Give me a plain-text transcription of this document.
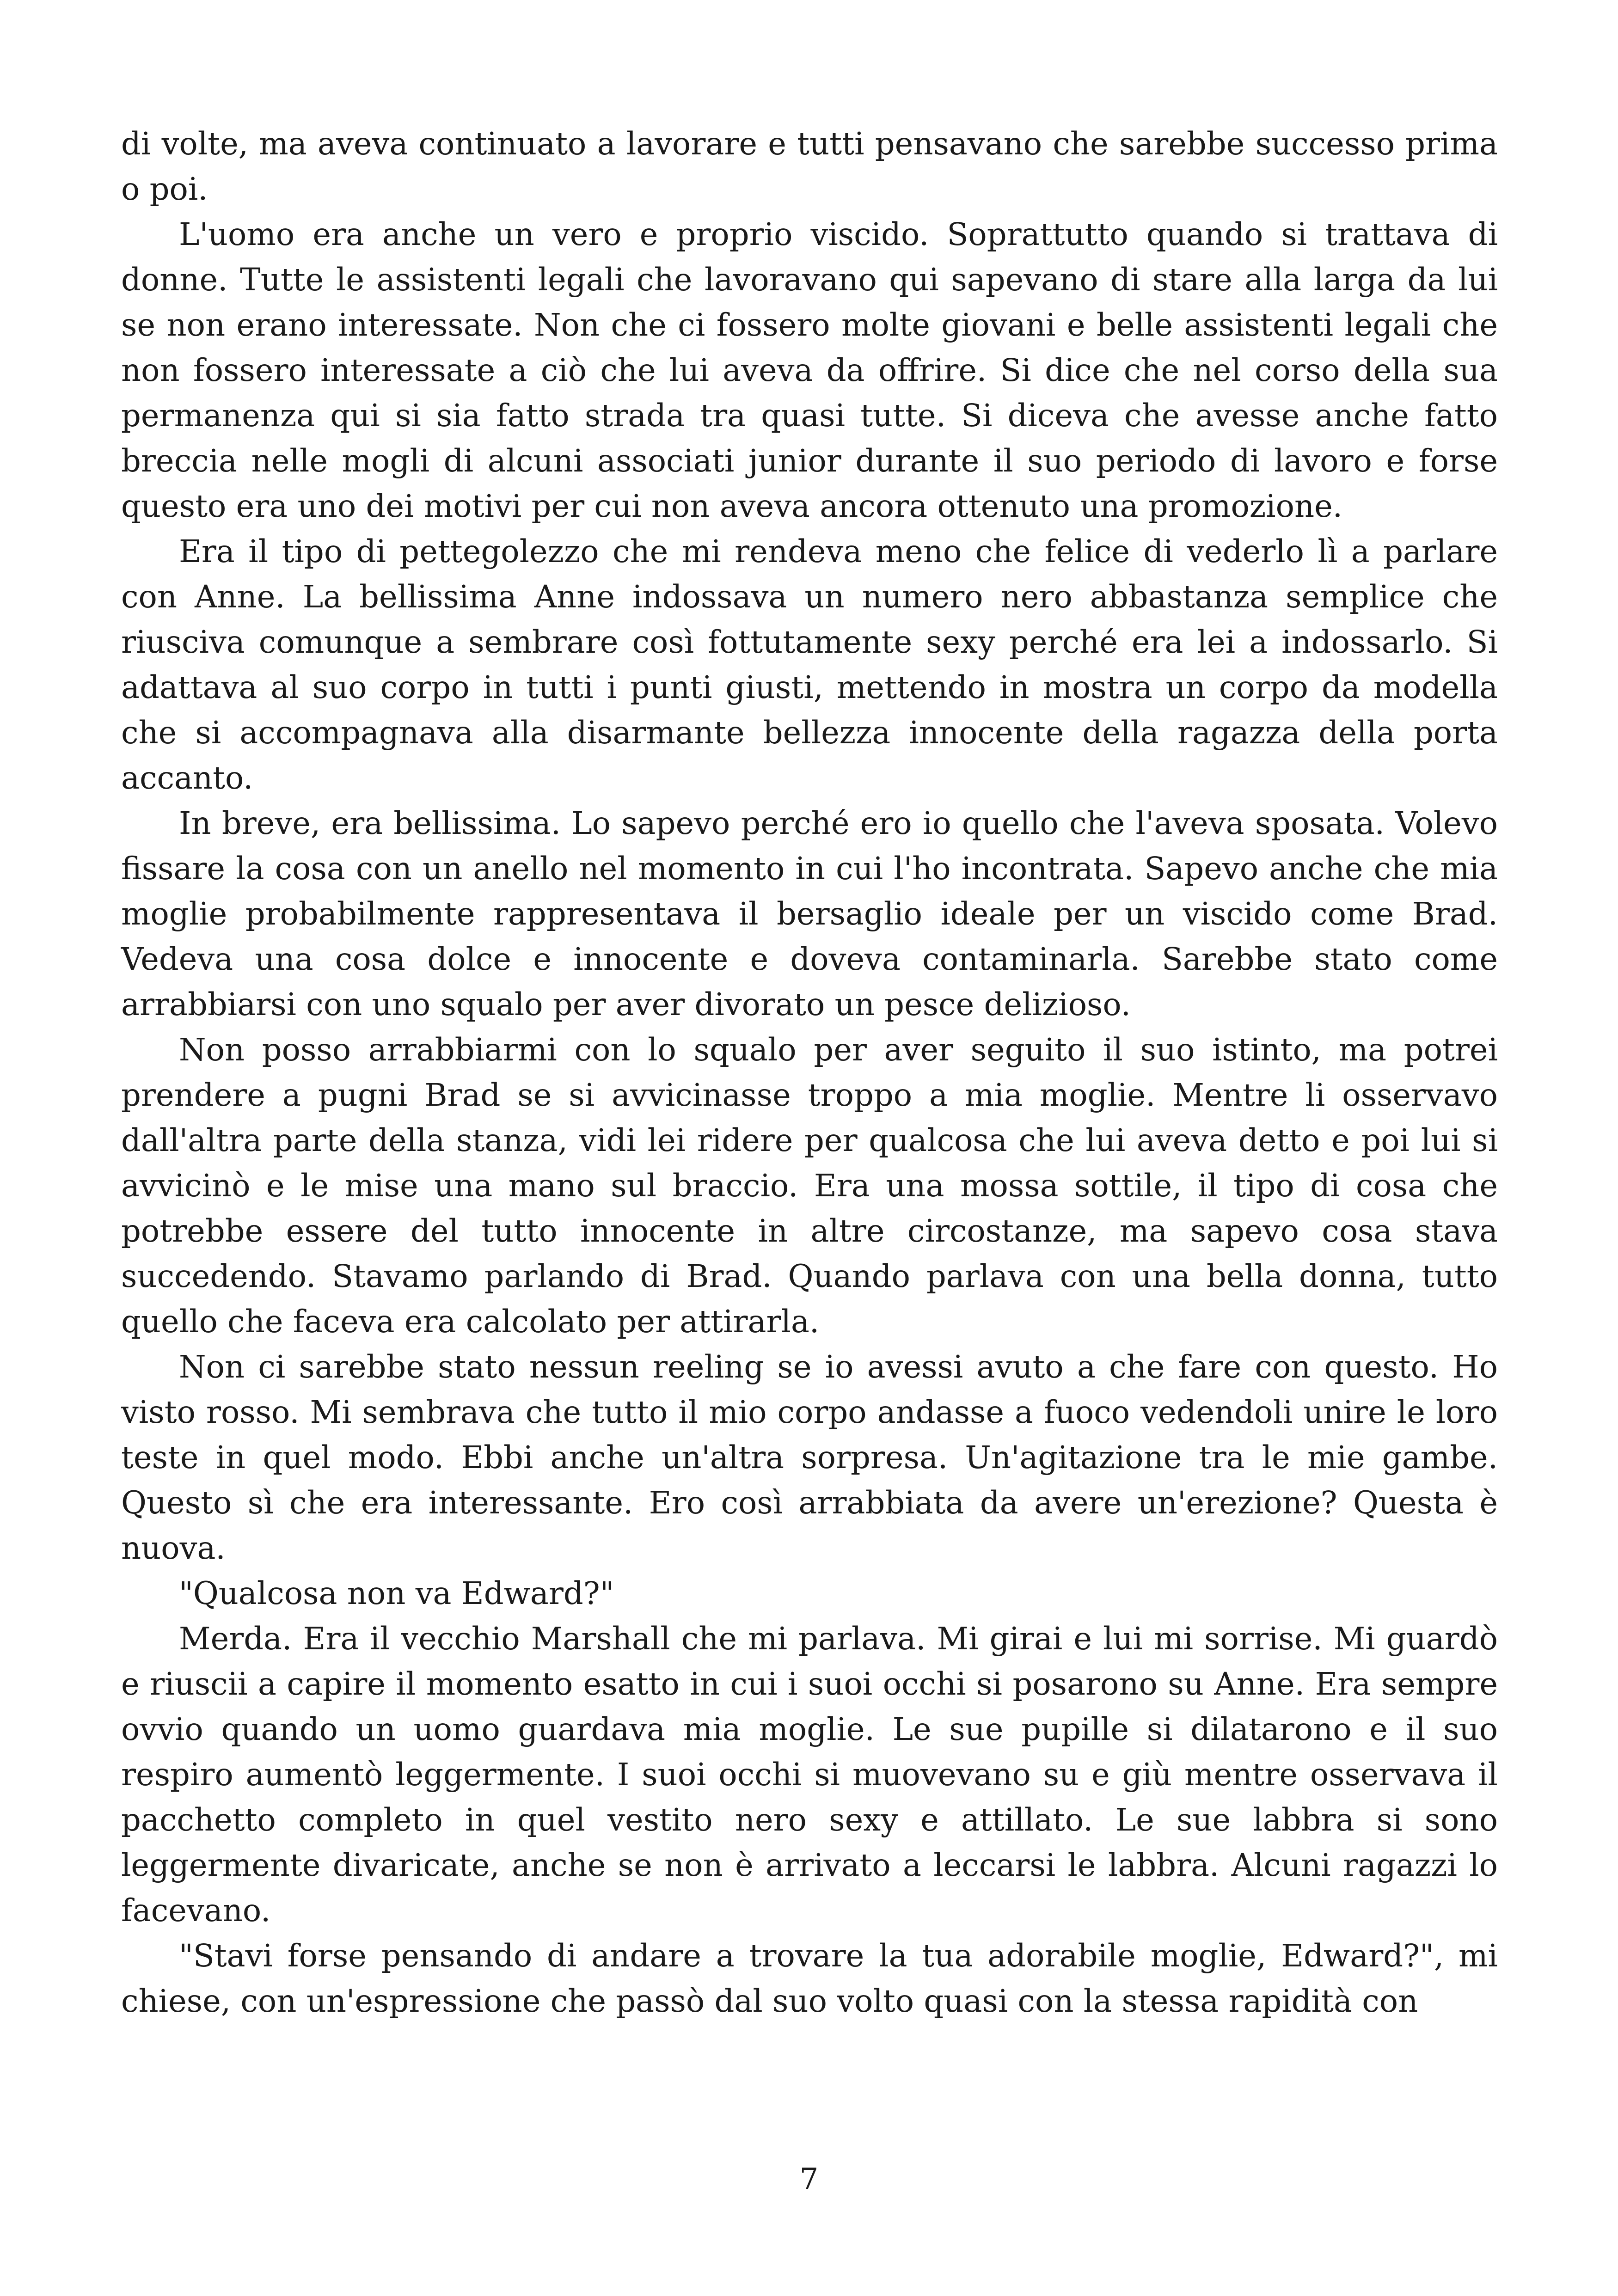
di volte, ma aveva continuato a lavorare e tutti pensavano che sarebbe successo prima o poi.

L'uomo era anche un vero e proprio viscido. Soprattutto quando si trattava di donne. Tutte le assistenti legali che lavoravano qui sapevano di stare alla larga da lui se non erano interessate. Non che ci fossero molte giovani e belle assistenti legali che non fossero interessate a ciò che lui aveva da offrire. Si dice che nel corso della sua permanenza qui si sia fatto strada tra quasi tutte. Si diceva che avesse anche fatto breccia nelle mogli di alcuni associati junior durante il suo periodo di lavoro e forse questo era uno dei motivi per cui non aveva ancora ottenuto una promozione.

Era il tipo di pettegolezzo che mi rendeva meno che felice di vederlo lì a parlare con Anne. La bellissima Anne indossava un numero nero abbastanza semplice che riusciva comunque a sembrare così fottutamente sexy perché era lei a indossarlo. Si adattava al suo corpo in tutti i punti giusti, mettendo in mostra un corpo da modella che si accompagnava alla disarmante bellezza innocente della ragazza della porta accanto.

In breve, era bellissima. Lo sapevo perché ero io quello che l'aveva sposata. Volevo fissare la cosa con un anello nel momento in cui l'ho incontrata. Sapevo anche che mia moglie probabilmente rappresentava il bersaglio ideale per un viscido come Brad. Vedeva una cosa dolce e innocente e doveva contaminarla. Sarebbe stato come arrabbiarsi con uno squalo per aver divorato un pesce delizioso.

Non posso arrabbiarmi con lo squalo per aver seguito il suo istinto, ma potrei prendere a pugni Brad se si avvicinasse troppo a mia moglie. Mentre li osservavo dall'altra parte della stanza, vidi lei ridere per qualcosa che lui aveva detto e poi lui si avvicinò e le mise una mano sul braccio. Era una mossa sottile, il tipo di cosa che potrebbe essere del tutto innocente in altre circostanze, ma sapevo cosa stava succedendo. Stavamo parlando di Brad. Quando parlava con una bella donna, tutto quello che faceva era calcolato per attirarla.

Non ci sarebbe stato nessun reeling se io avessi avuto a che fare con questo. Ho visto rosso. Mi sembrava che tutto il mio corpo andasse a fuoco vedendoli unire le loro teste in quel modo. Ebbi anche un'altra sorpresa. Un'agitazione tra le mie gambe. Questo sì che era interessante. Ero così arrabbiata da avere un'erezione? Questa è nuova.

"Qualcosa non va Edward?"

Merda. Era il vecchio Marshall che mi parlava. Mi girai e lui mi sorrise. Mi guardò e riuscii a capire il momento esatto in cui i suoi occhi si posarono su Anne. Era sempre ovvio quando un uomo guardava mia moglie. Le sue pupille si dilatarono e il suo respiro aumentò leggermente. I suoi occhi si muovevano su e giù mentre osservava il pacchetto completo in quel vestito nero sexy e attillato. Le sue labbra si sono leggermente divaricate, anche se non è arrivato a leccarsi le labbra. Alcuni ragazzi lo facevano.

"Stavi forse pensando di andare a trovare la tua adorabile moglie, Edward?", mi chiese, con un'espressione che passò dal suo volto quasi con la stessa rapidità con

7
